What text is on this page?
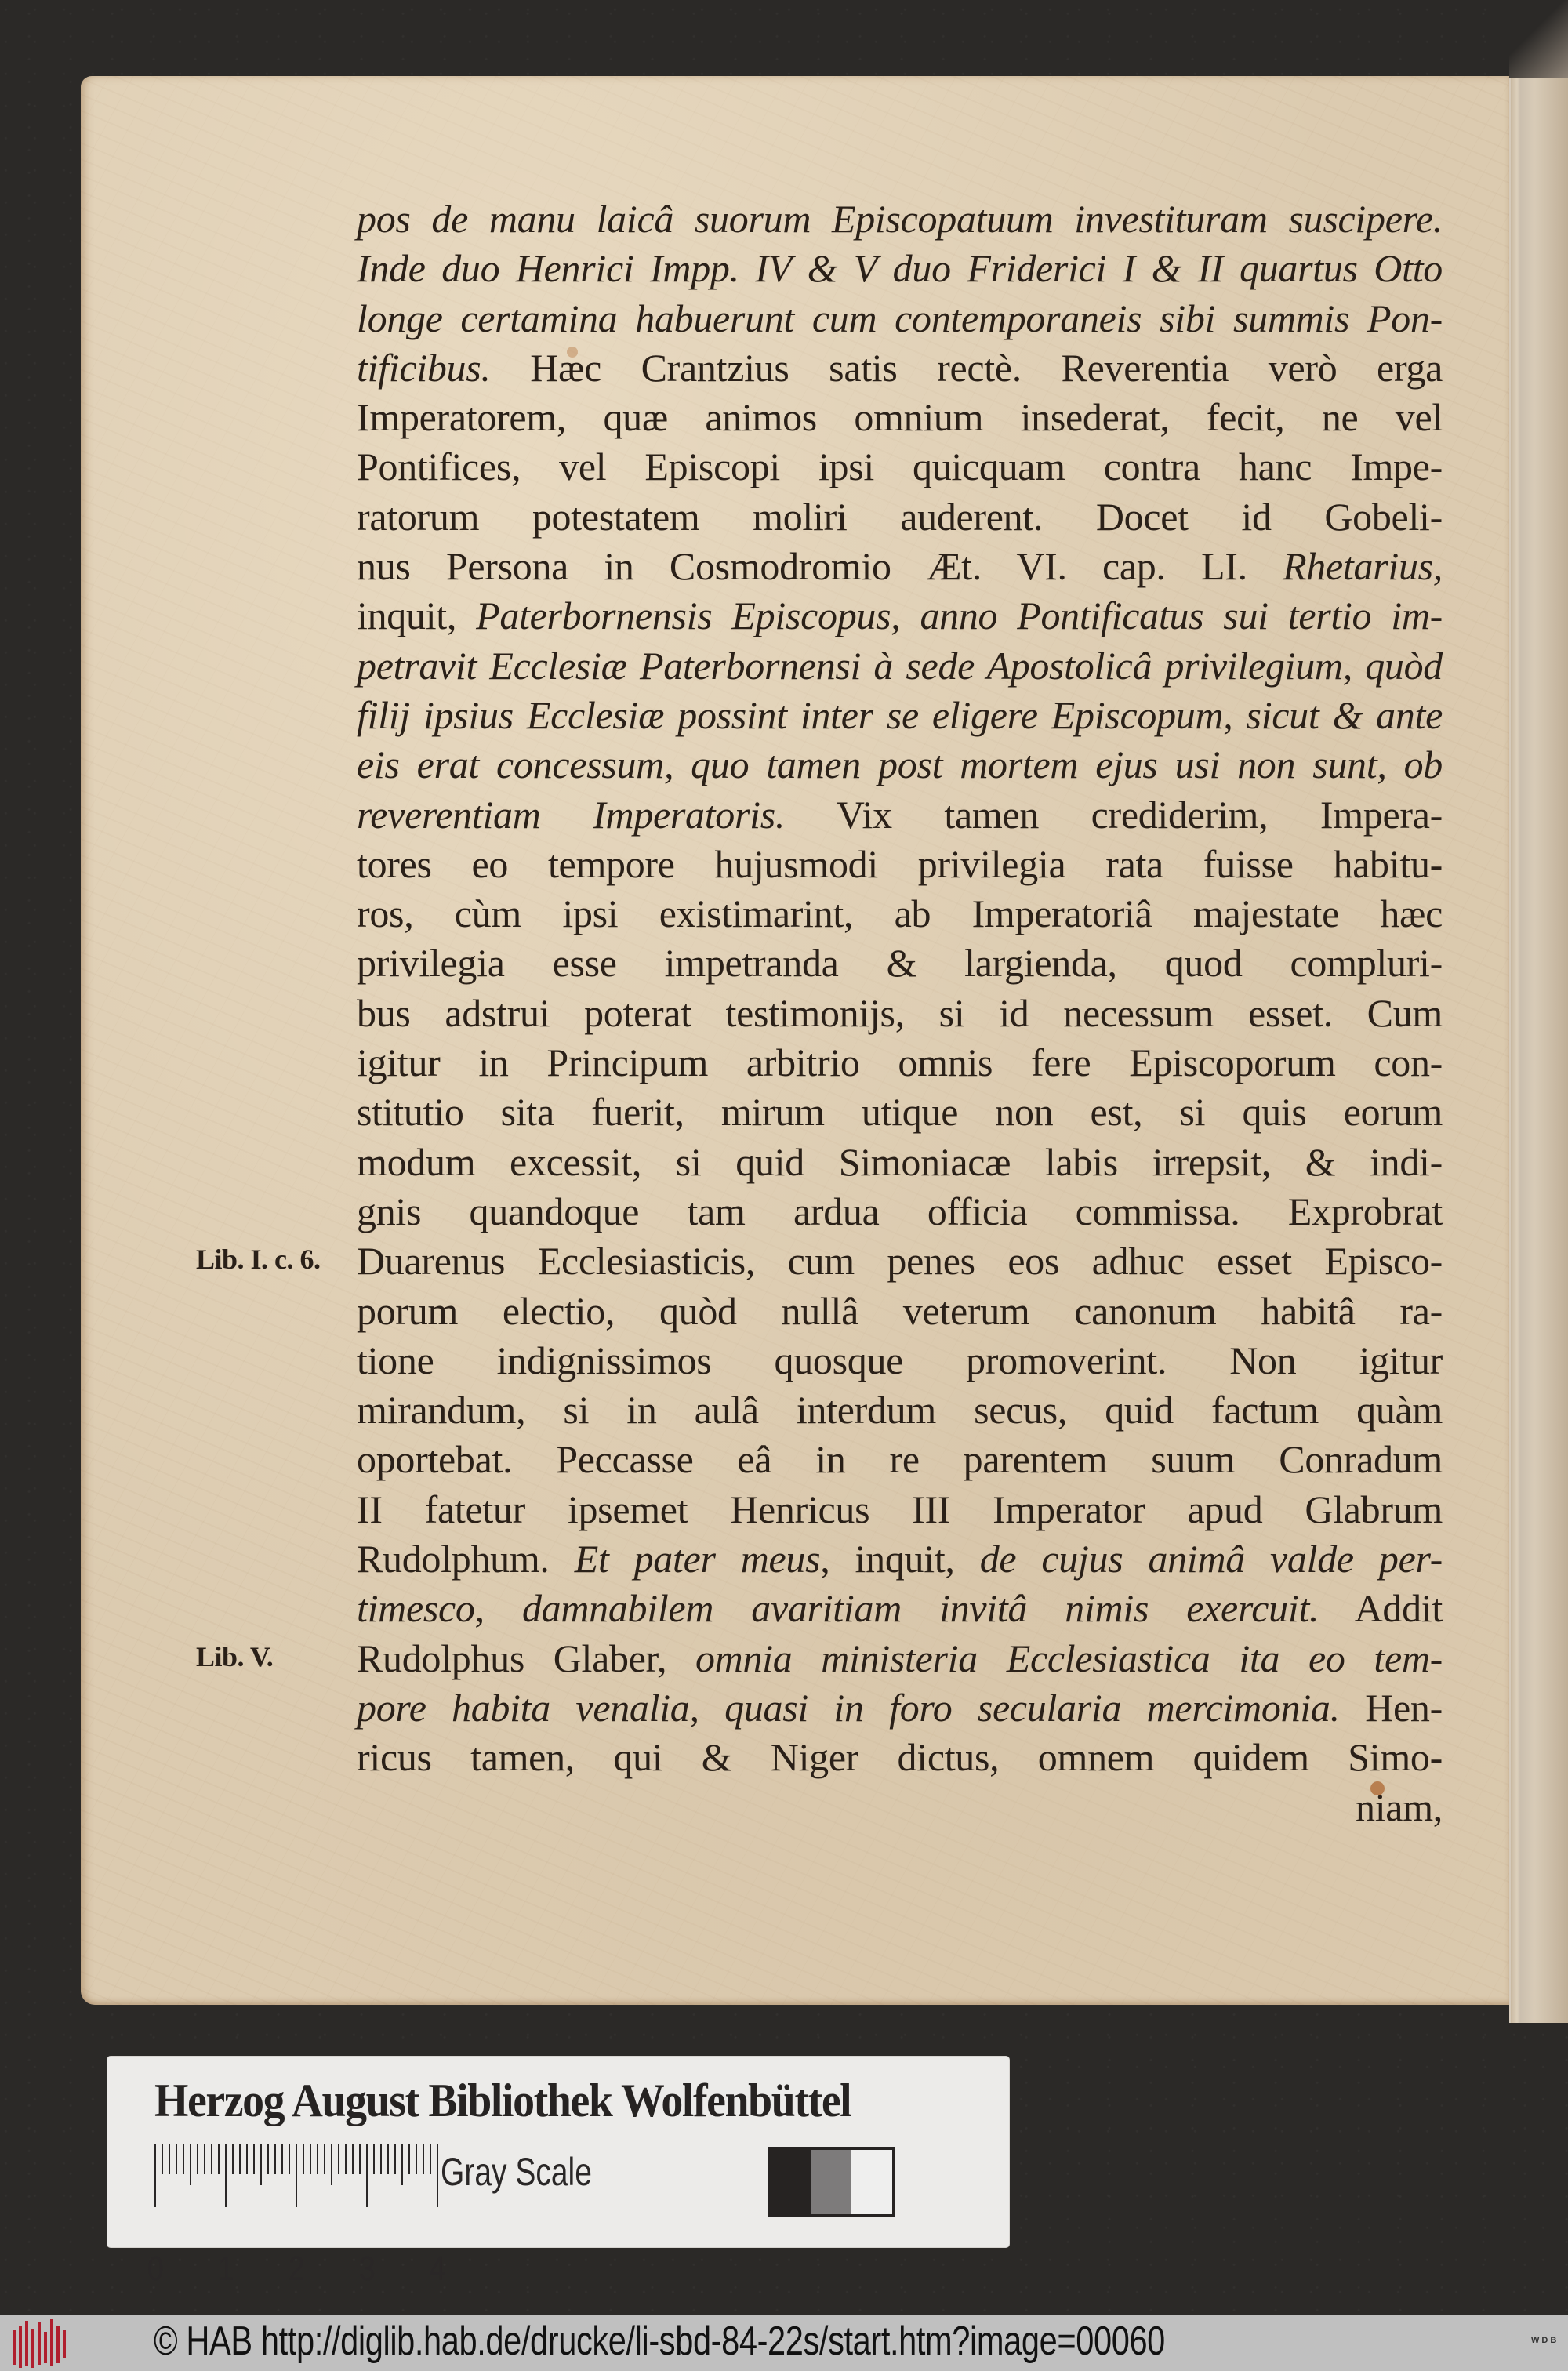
pos de manu laicâ suorum Episcopatuum investituram suscipere.
Inde duo Henrici Impp. IV & V duo Friderici I & II quartus Otto
longe certamina habuerunt cum contemporaneis sibi summis Pon-
tificibus. Hæc Crantzius satis rectè. Reverentia verò erga
Imperatorem, quæ animos omnium insederat, fecit, ne vel
Pontifices, vel Episcopi ipsi quicquam contra hanc Impe-
ratorum potestatem moliri auderent. Docet id Gobeli-
nus Persona in Cosmodromio Æt. VI. cap. LI. Rhetarius,
inquit, Paterbornensis Episcopus, anno Pontificatus sui tertio im-
petravit Ecclesiæ Paterbornensi à sede Apostolicâ privilegium, quòd
filij ipsius Ecclesiæ possint inter se eligere Episcopum, sicut & ante
eis erat concessum, quo tamen post mortem ejus usi non sunt, ob
reverentiam Imperatoris. Vix tamen crediderim, Impera-
tores eo tempore hujusmodi privilegia rata fuisse habitu-
ros, cùm ipsi existimarint, ab Imperatoriâ majestate hæc
privilegia esse impetranda & largienda, quod compluri-
bus adstrui poterat testimonijs, si id necessum esset. Cum
igitur in Principum arbitrio omnis fere Episcoporum con-
stitutio sita fuerit, mirum utique non est, si quis eorum
modum excessit, si quid Simoniacæ labis irrepsit, & indi-
gnis quandoque tam ardua officia commissa. Exprobrat
Duarenus Ecclesiasticis, cum penes eos adhuc esset Episco-
porum electio, quòd nullâ veterum canonum habitâ ra-
tione indignissimos quosque promoverint. Non igitur
mirandum, si in aulâ interdum secus, quid factum quàm
oportebat. Peccasse eâ in re parentem suum Conradum
II fatetur ipsemet Henricus III Imperator apud Glabrum
Rudolphum. Et pater meus, inquit, de cujus animâ valde per-
timesco, damnabilem avaritiam invitâ nimis exercuit. Addit
Rudolphus Glaber, omnia ministeria Ecclesiastica ita eo tem-
pore habita venalia, quasi in foro secularia mercimonia. Hen-
ricus tamen, qui & Niger dictus, omnem quidem Simo-
niam,
Lib. I. c. 6.
Lib. V.
Herzog August Bibliothek Wolfenbüttel
0 1 2 3 4
Gray Scale
© HAB http://diglib.hab.de/drucke/li-sbd-84-22s/start.htm?image=00060	WDB
